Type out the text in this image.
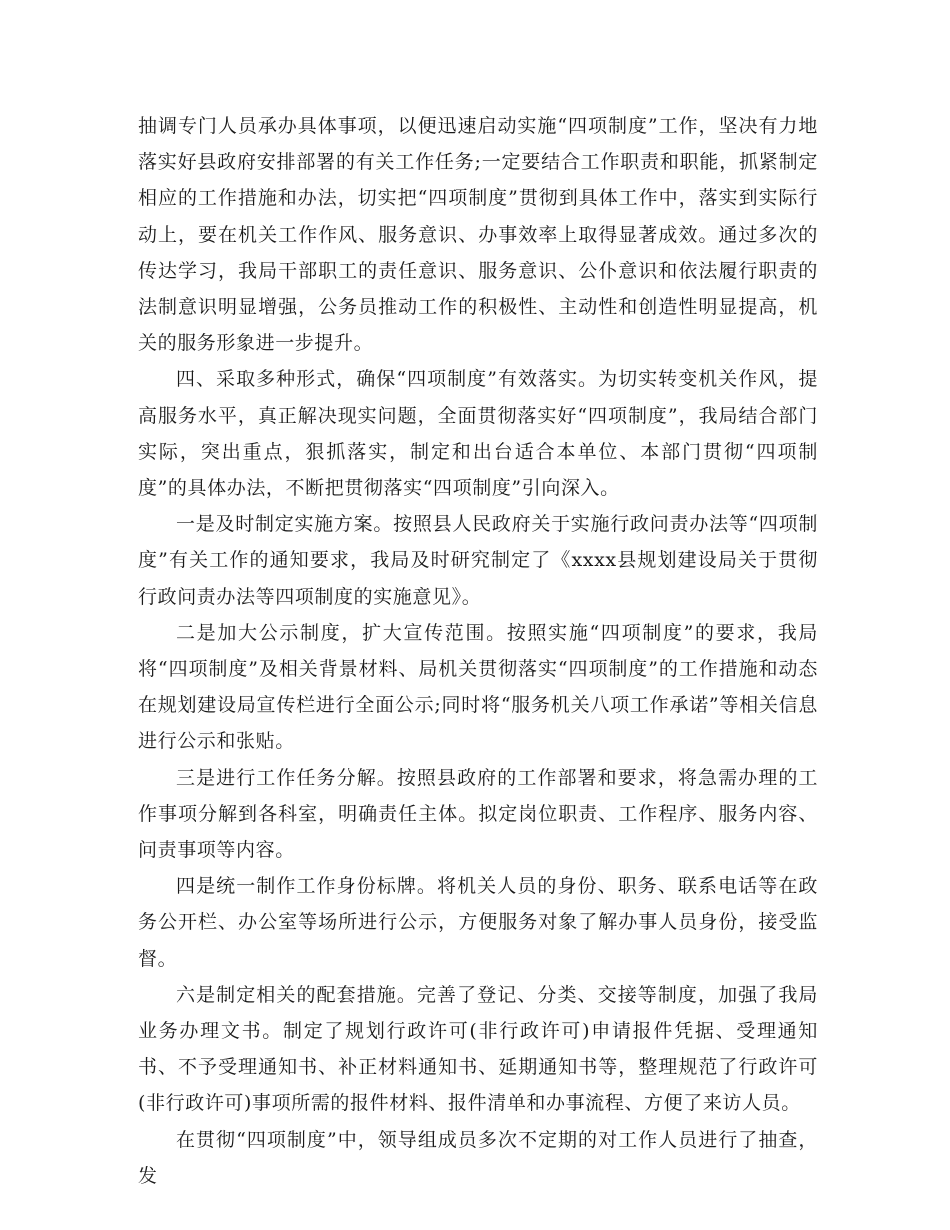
抽调专门人员承办具体事项，以便迅速启动实施“四项制度”工作，坚决有力地落实好县政府安排部署的有关工作任务;一定要结合工作职责和职能，抓紧制定相应的工作措施和办法，切实把“四项制度”贯彻到具体工作中，落实到实际行动上，要在机关工作作风、服务意识、办事效率上取得显著成效。通过多次的传达学习，我局干部职工的责任意识、服务意识、公仆意识和依法履行职责的法制意识明显增强，公务员推动工作的积极性、主动性和创造性明显提高，机关的服务形象进一步提升。

四、采取多种形式，确保“四项制度”有效落实。为切实转变机关作风，提高服务水平，真正解决现实问题，全面贯彻落实好“四项制度”，我局结合部门实际，突出重点，狠抓落实，制定和出台适合本单位、本部门贯彻“四项制度”的具体办法，不断把贯彻落实“四项制度”引向深入。

一是及时制定实施方案。按照县人民政府关于实施行政问责办法等“四项制度”有关工作的通知要求，我局及时研究制定了《xxxx县规划建设局关于贯彻行政问责办法等四项制度的实施意见》。

二是加大公示制度，扩大宣传范围。按照实施“四项制度”的要求，我局将“四项制度”及相关背景材料、局机关贯彻落实“四项制度”的工作措施和动态在规划建设局宣传栏进行全面公示;同时将“服务机关八项工作承诺”等相关信息进行公示和张贴。

三是进行工作任务分解。按照县政府的工作部署和要求，将急需办理的工作事项分解到各科室，明确责任主体。拟定岗位职责、工作程序、服务内容、问责事项等内容。

四是统一制作工作身份标牌。将机关人员的身份、职务、联系电话等在政务公开栏、办公室等场所进行公示，方便服务对象了解办事人员身份，接受监督。

六是制定相关的配套措施。完善了登记、分类、交接等制度，加强了我局业务办理文书。制定了规划行政许可(非行政许可)申请报件凭据、受理通知书、不予受理通知书、补正材料通知书、延期通知书等，整理规范了行政许可(非行政许可)事项所需的报件材料、报件清单和办事流程、方便了来访人员。

在贯彻“四项制度”中，领导组成员多次不定期的对工作人员进行了抽查，发
